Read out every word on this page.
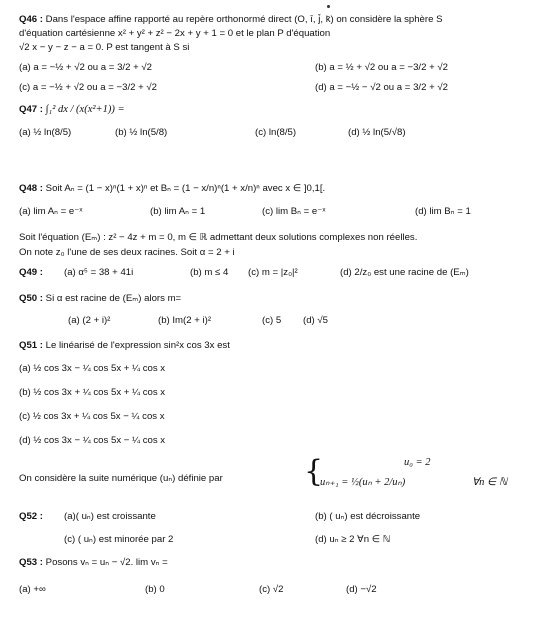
Q46 : Dans l'espace affine rapporté au repère orthonormé direct (O, ī, j̄, k̄) on considère la sphère S
d'équation cartésienne x² + y² + z² − 2x + y + 1 = 0 et le plan P d'équation
√2 x − y − z − a = 0. P est tangent à S si
(a) a = −½ + √2 ou a = 3/2 + √2	(b) a = ½ + √2 ou a = −3/2 + √2
(c) a = −½ + √2 ou a = −3/2 + √2	(d) a = −½ − √2 ou a = 3/2 + √2
Q47 : ∫₁² dx / (x(x²+1)) =
(a) ½ ln(8/5)	(b) ½ ln(5/8)	(c) ln(8/5)	(d) ½ ln(5/√8)
Q48 : Soit Aₙ = (1 − x)ⁿ(1 + x)ⁿ et Bₙ = (1 − x/n)ⁿ(1 + x/n)ⁿ avec x ∈ ]0,1[.
(a) lim Aₙ = e⁻ˣ	(b) lim Aₙ = 1	(c) lim Bₙ = e⁻ˣ	(d) lim Bₙ = 1
Soit l'équation (Eₘ) : z² − 4z + m = 0, m ∈ ℝ admettant deux solutions complexes non réelles.
On note z₀ l'une de ses deux racines. Soit α = 2 + i
Q49 : (a) α⁵ = 38 + 41i	(b) m ≤ 4 (c) m = |z₀|²	(d) 2/z₀ est une racine de (Eₘ)
Q50 : Si α est racine de (Eₘ) alors m=
(a) (2 + i)²	(b) Im(2 + i)²	(c) 5 (d) √5
Q51 : Le linéarisé de l'expression sin²x cos 3x est
(a) ½ cos 3x − ¼ cos 5x + ¼ cos x
(b) ½ cos 3x + ¼ cos 5x + ¼ cos x
(c) ½ cos 3x + ¼ cos 5x − ¼ cos x
(d) ½ cos 3x − ¼ cos 5x − ¼ cos x
On considère la suite numérique (uₙ) définie par	{	u₀ = 2
uₙ₊₁ = ½(uₙ + 2/uₙ)	∀n ∈ ℕ
Q52 : (a)( uₙ) est croissante	(b) ( uₙ) est décroissante
(c) ( uₙ) est minorée par 2	(d) uₙ ≥ 2 ∀n ∈ ℕ
Q53 : Posons vₙ = uₙ − √2. lim vₙ =
(a) +∞	(b) 0	(c) √2	(d) −√2
